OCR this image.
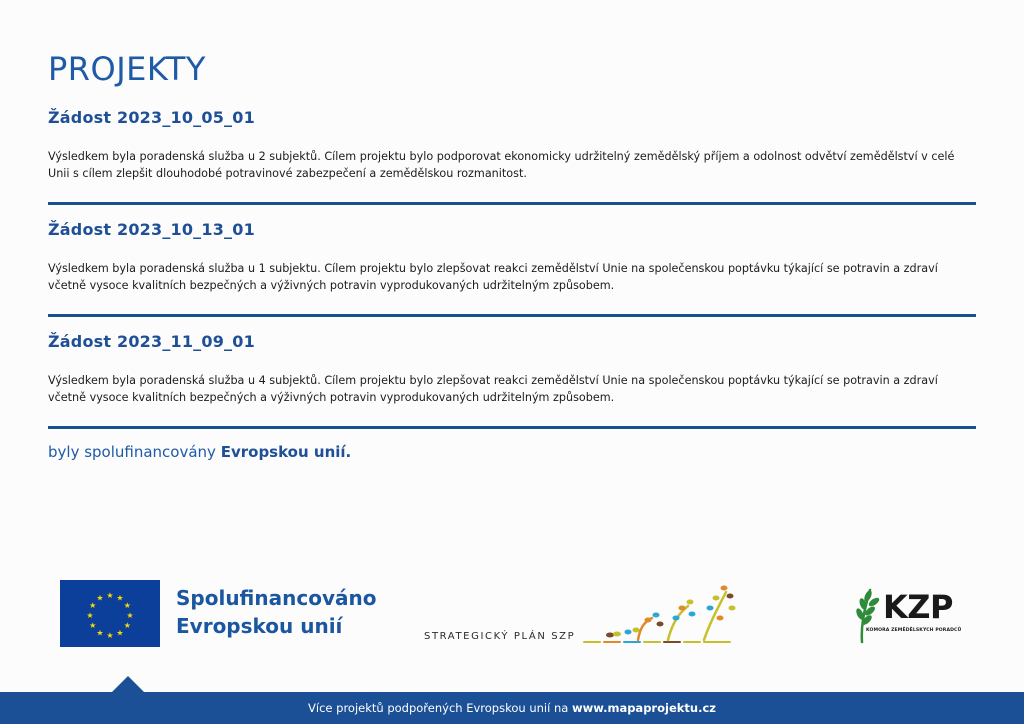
PROJEKTY
Žádost 2023_10_05_01

Výsledkem byla poradenská služba u 2 subjektů. Cílem projektu bylo podporovat ekonomicky udržitelný zemědělský příjem a odolnost odvětví zemědělství v celé Unii s cílem zlepšit dlouhodobé potravinové zabezpečení a zemědělskou rozmanitost.

Žádost 2023_10_13_01

Výsledkem byla poradenská služba u 1 subjektu. Cílem projektu bylo zlepšovat reakci zemědělství Unie na společenskou poptávku týkající se potravin a zdraví včetně vysoce kvalitních bezpečných a výživných potravin vyprodukovaných udržitelným způsobem.

Žádost 2023_11_09_01

Výsledkem byla poradenská služba u 4 subjektů. Cílem projektu bylo zlepšovat reakci zemědělství Unie na společenskou poptávku týkající se potravin a zdraví včetně vysoce kvalitních bezpečných a výživných potravin vyprodukovaných udržitelným způsobem.

byly spolufinancovány Evropskou unií.
★ ★
★
★
★
★
★
★
★
★
★
★	Spolufinancováno
Evropskou unií	STRATEGICKÝ PLÁN SZP
KZP
KOMORA ZEMĚDĚLSKÝCH PORADCŮ
Více projektů podpořených Evropskou unií na www.mapaprojektu.cz
